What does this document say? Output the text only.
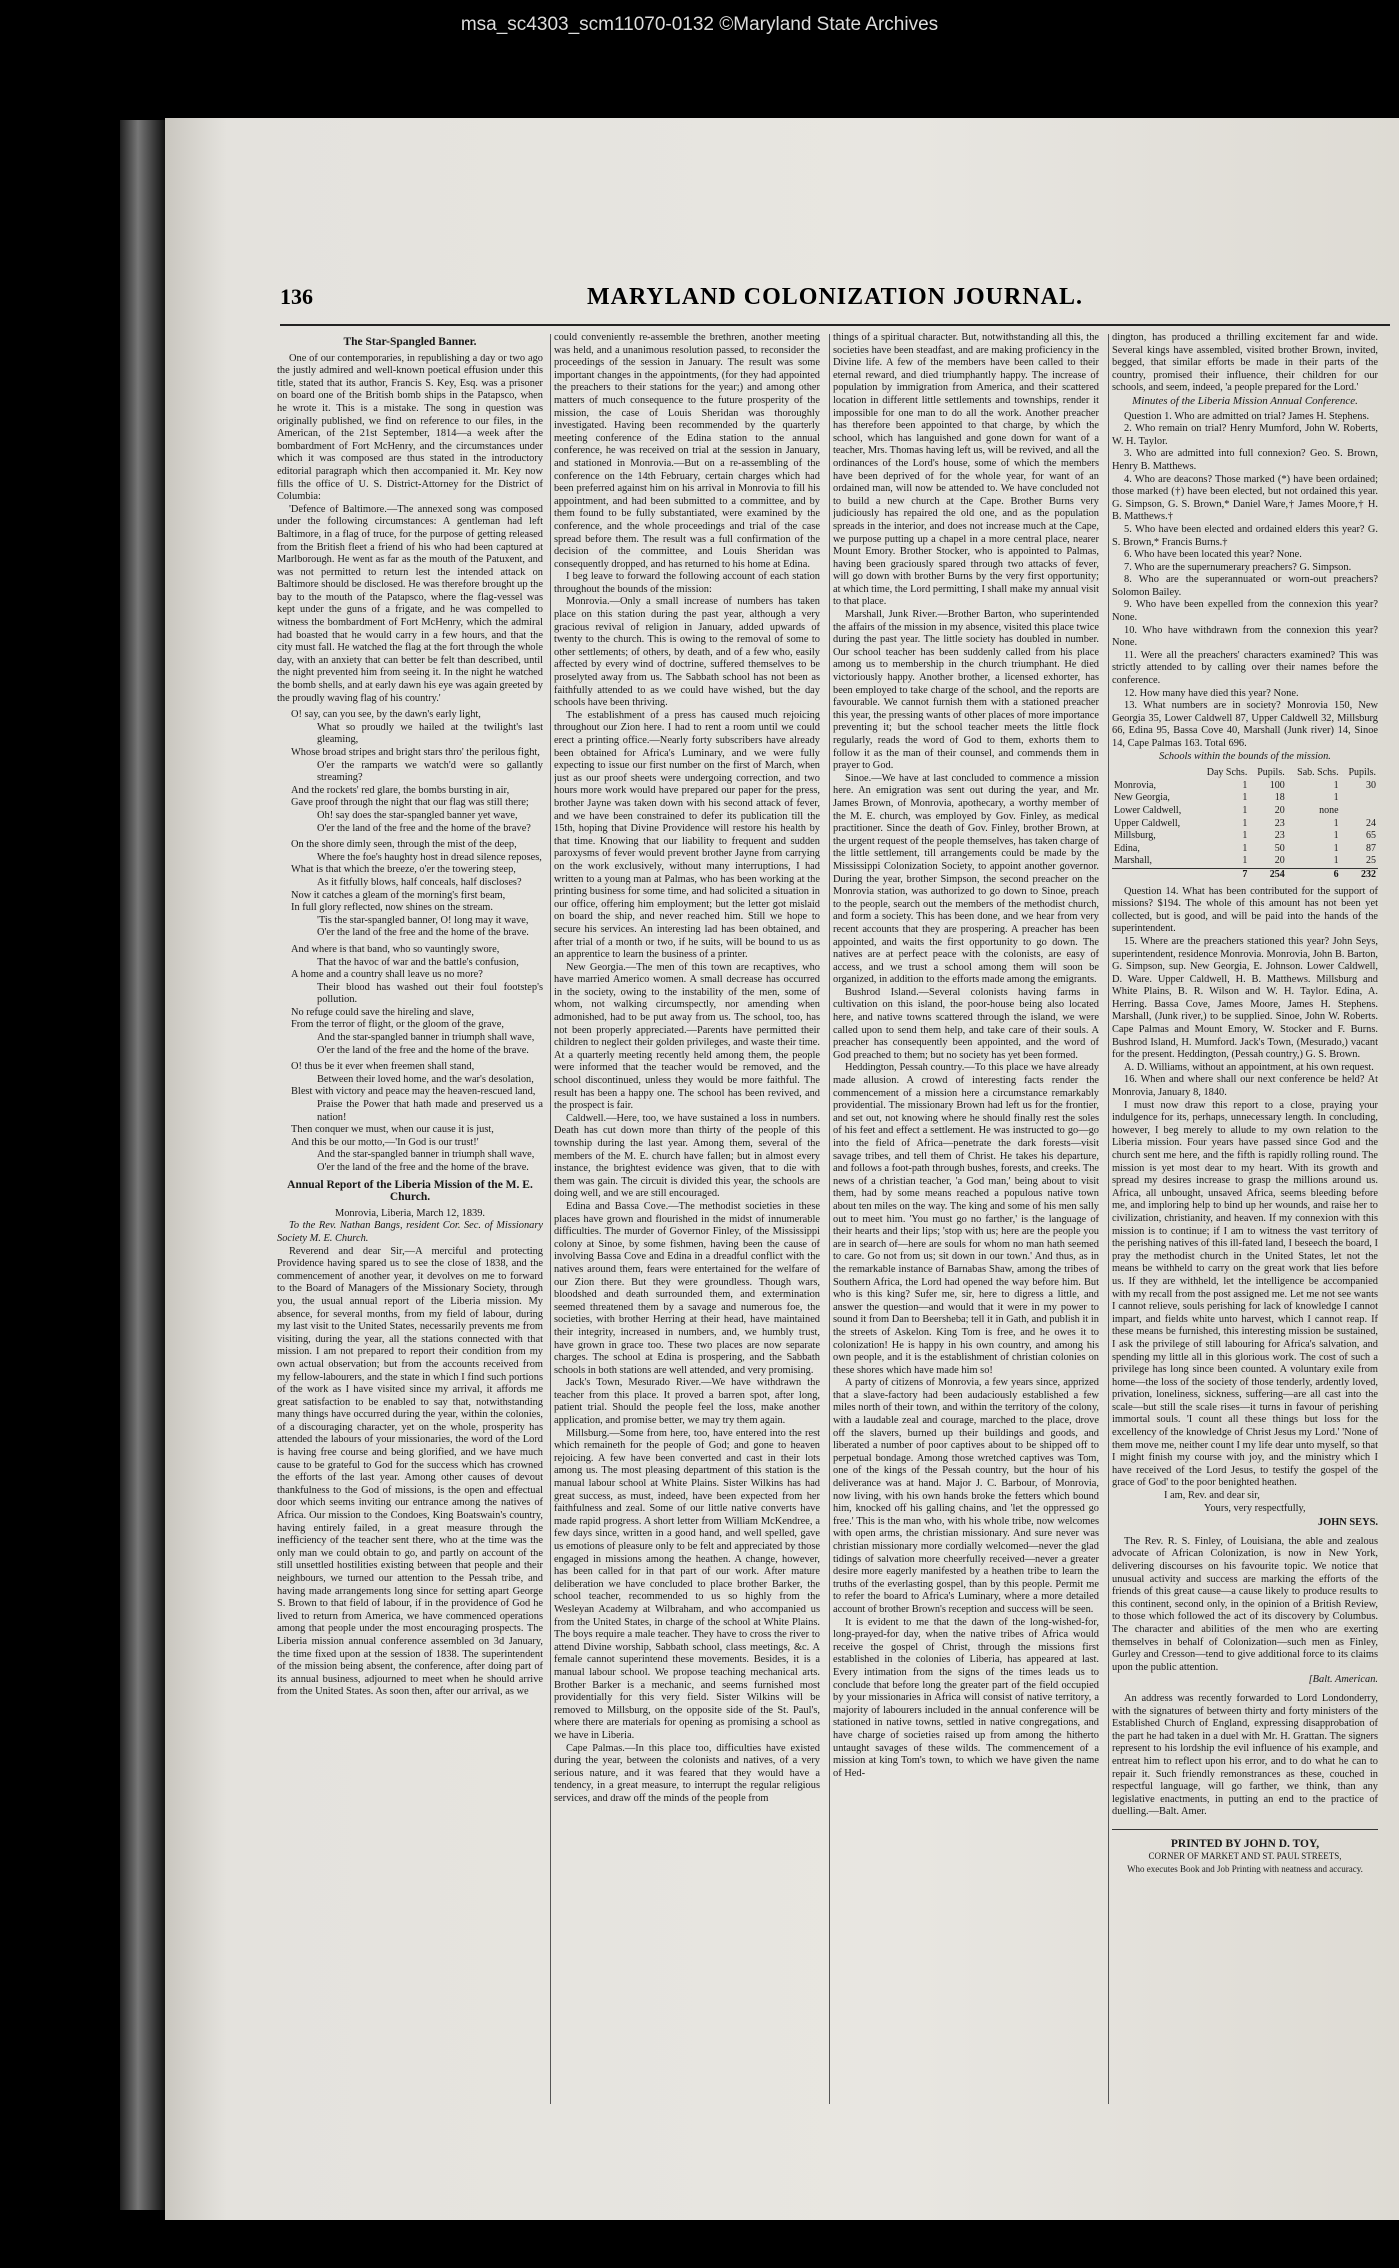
msa_sc4303_scm11070-0132 ©Maryland State Archives
136	MARYLAND COLONIZATION JOURNAL.
The Star-Spangled Banner.

One of our contemporaries, in republishing a day or two ago the justly admired and well-known poetical effusion under this title, stated that its author, Francis S. Key, Esq. was a prisoner on board one of the British bomb ships in the Patapsco, when he wrote it. This is a mistake. The song in question was originally published, we find on reference to our files, in the American, of the 21st September, 1814—a week after the bombardment of Fort McHenry, and the circumstances under which it was composed are thus stated in the introductory editorial paragraph which then accompanied it. Mr. Key now fills the office of U. S. District-Attorney for the District of Columbia:

'Defence of Baltimore.—The annexed song was composed under the following circumstances: A gentleman had left Baltimore, in a flag of truce, for the purpose of getting released from the British fleet a friend of his who had been captured at Marlborough. He went as far as the mouth of the Patuxent, and was not permitted to return lest the intended attack on Baltimore should be disclosed. He was therefore brought up the bay to the mouth of the Patapsco, where the flag-vessel was kept under the guns of a frigate, and he was compelled to witness the bombardment of Fort McHenry, which the admiral had boasted that he would carry in a few hours, and that the city must fall. He watched the flag at the fort through the whole day, with an anxiety that can better be felt than described, until the night prevented him from seeing it. In the night he watched the bomb shells, and at early dawn his eye was again greeted by the proudly waving flag of his country.'

O! say, can you see, by the dawn's early light,

What so proudly we hailed at the twilight's last gleaming,

Whose broad stripes and bright stars thro' the perilous fight,

O'er the ramparts we watch'd were so gallantly streaming?

And the rockets' red glare, the bombs bursting in air,

Gave proof through the night that our flag was still there;

Oh! say does the star-spangled banner yet wave,

O'er the land of the free and the home of the brave?

On the shore dimly seen, through the mist of the deep,

Where the foe's haughty host in dread silence reposes,

What is that which the breeze, o'er the towering steep,

As it fitfully blows, half conceals, half discloses?

Now it catches a gleam of the morning's first beam,

In full glory reflected, now shines on the stream.

'Tis the star-spangled banner, O! long may it wave,

O'er the land of the free and the home of the brave.

And where is that band, who so vauntingly swore,

That the havoc of war and the battle's confusion,

A home and a country shall leave us no more?

Their blood has washed out their foul footstep's pollution.

No refuge could save the hireling and slave,

From the terror of flight, or the gloom of the grave,

And the star-spangled banner in triumph shall wave,

O'er the land of the free and the home of the brave.

O! thus be it ever when freemen shall stand,

Between their loved home, and the war's desolation,

Blest with victory and peace may the heaven-rescued land,

Praise the Power that hath made and preserved us a nation!

Then conquer we must, when our cause it is just,

And this be our motto,—'In God is our trust!'

And the star-spangled banner in triumph shall wave,

O'er the land of the free and the home of the brave.

Annual Report of the Liberia Mission of the M. E. Church.

Monrovia, Liberia, March 12, 1839.

To the Rev. Nathan Bangs, resident Cor. Sec. of Missionary Society M. E. Church.

Reverend and dear Sir,—A merciful and protecting Providence having spared us to see the close of 1838, and the commencement of another year, it devolves on me to forward to the Board of Managers of the Missionary Society, through you, the usual annual report of the Liberia mission. My absence, for several months, from my field of labour, during my last visit to the United States, necessarily prevents me from visiting, during the year, all the stations connected with that mission. I am not prepared to report their condition from my own actual observation; but from the accounts received from my fellow-labourers, and the state in which I find such portions of the work as I have visited since my arrival, it affords me great satisfaction to be enabled to say that, notwithstanding many things have occurred during the year, within the colonies, of a discouraging character, yet on the whole, prosperity has attended the labours of your missionaries, the word of the Lord is having free course and being glorified, and we have much cause to be grateful to God for the success which has crowned the efforts of the last year. Among other causes of devout thankfulness to the God of missions, is the open and effectual door which seems inviting our entrance among the natives of Africa. Our mission to the Condoes, King Boatswain's country, having entirely failed, in a great measure through the inefficiency of the teacher sent there, who at the time was the only man we could obtain to go, and partly on account of the still unsettled hostilities existing between that people and their neighbours, we turned our attention to the Pessah tribe, and having made arrangements long since for setting apart George S. Brown to that field of labour, if in the providence of God he lived to return from America, we have commenced operations among that people under the most encouraging prospects. The Liberia mission annual conference assembled on 3d January, the time fixed upon at the session of 1838. The superintendent of the mission being absent, the conference, after doing part of its annual business, adjourned to meet when he should arrive from the United States. As soon then, after our arrival, as we

could conveniently re-assemble the brethren, another meeting was held, and a unanimous resolution passed, to reconsider the proceedings of the session in January. The result was some important changes in the appointments, (for they had appointed the preachers to their stations for the year;) and among other matters of much consequence to the future prosperity of the mission, the case of Louis Sheridan was thoroughly investigated. Having been recommended by the quarterly meeting conference of the Edina station to the annual conference, he was received on trial at the session in January, and stationed in Monrovia.—But on a re-assembling of the conference on the 14th February, certain charges which had been preferred against him on his arrival in Monrovia to fill his appointment, and had been submitted to a committee, and by them found to be fully substantiated, were examined by the conference, and the whole proceedings and trial of the case spread before them. The result was a full confirmation of the decision of the committee, and Louis Sheridan was consequently dropped, and has returned to his home at Edina.

I beg leave to forward the following account of each station throughout the bounds of the mission:

Monrovia.—Only a small increase of numbers has taken place on this station during the past year, although a very gracious revival of religion in January, added upwards of twenty to the church. This is owing to the removal of some to other settlements; of others, by death, and of a few who, easily affected by every wind of doctrine, suffered themselves to be proselyted away from us. The Sabbath school has not been as faithfully attended to as we could have wished, but the day schools have been thriving.

The establishment of a press has caused much rejoicing throughout our Zion here. I had to rent a room until we could erect a printing office.—Nearly forty subscribers have already been obtained for Africa's Luminary, and we were fully expecting to issue our first number on the first of March, when just as our proof sheets were undergoing correction, and two hours more work would have prepared our paper for the press, brother Jayne was taken down with his second attack of fever, and we have been constrained to defer its publication till the 15th, hoping that Divine Providence will restore his health by that time. Knowing that our liability to frequent and sudden paroxysms of fever would prevent brother Jayne from carrying on the work exclusively, without many interruptions, I had written to a young man at Palmas, who has been working at the printing business for some time, and had solicited a situation in our office, offering him employment; but the letter got mislaid on board the ship, and never reached him. Still we hope to secure his services. An interesting lad has been obtained, and after trial of a month or two, if he suits, will be bound to us as an apprentice to learn the business of a printer.

New Georgia.—The men of this town are recaptives, who have married Americo women. A small decrease has occurred in the society, owing to the instability of the men, some of whom, not walking circumspectly, nor amending when admonished, had to be put away from us. The school, too, has not been properly appreciated.—Parents have permitted their children to neglect their golden privileges, and waste their time. At a quarterly meeting recently held among them, the people were informed that the teacher would be removed, and the school discontinued, unless they would be more faithful. The result has been a happy one. The school has been revived, and the prospect is fair.

Caldwell.—Here, too, we have sustained a loss in numbers. Death has cut down more than thirty of the people of this township during the last year. Among them, several of the members of the M. E. church have fallen; but in almost every instance, the brightest evidence was given, that to die with them was gain. The circuit is divided this year, the schools are doing well, and we are still encouraged.

Edina and Bassa Cove.—The methodist societies in these places have grown and flourished in the midst of innumerable difficulties. The murder of Governor Finley, of the Mississippi colony at Sinoe, by some fishmen, having been the cause of involving Bassa Cove and Edina in a dreadful conflict with the natives around them, fears were entertained for the welfare of our Zion there. But they were groundless. Though wars, bloodshed and death surrounded them, and extermination seemed threatened them by a savage and numerous foe, the societies, with brother Herring at their head, have maintained their integrity, increased in numbers, and, we humbly trust, have grown in grace too. These two places are now separate charges. The school at Edina is prospering, and the Sabbath schools in both stations are well attended, and very promising.

Jack's Town, Mesurado River.—We have withdrawn the teacher from this place. It proved a barren spot, after long, patient trial. Should the people feel the loss, make another application, and promise better, we may try them again.

Millsburg.—Some from here, too, have entered into the rest which remaineth for the people of God; and gone to heaven rejoicing. A few have been converted and cast in their lots among us. The most pleasing department of this station is the manual labour school at White Plains. Sister Wilkins has had great success, as must, indeed, have been expected from her faithfulness and zeal. Some of our little native converts have made rapid progress. A short letter from William McKendree, a few days since, written in a good hand, and well spelled, gave us emotions of pleasure only to be felt and appreciated by those engaged in missions among the heathen. A change, however, has been called for in that part of our work. After mature deliberation we have concluded to place brother Barker, the school teacher, recommended to us so highly from the Wesleyan Academy at Wilbraham, and who accompanied us from the United States, in charge of the school at White Plains. The boys require a male teacher. They have to cross the river to attend Divine worship, Sabbath school, class meetings, &c. A female cannot superintend these movements. Besides, it is a manual labour school. We propose teaching mechanical arts. Brother Barker is a mechanic, and seems furnished most providentially for this very field. Sister Wilkins will be removed to Millsburg, on the opposite side of the St. Paul's, where there are materials for opening as promising a school as we have in Liberia.

Cape Palmas.—In this place too, difficulties have existed during the year, between the colonists and natives, of a very serious nature, and it was feared that they would have a tendency, in a great measure, to interrupt the regular religious services, and draw off the minds of the people from

things of a spiritual character. But, notwithstanding all this, the societies have been steadfast, and are making proficiency in the Divine life. A few of the members have been called to their eternal reward, and died triumphantly happy. The increase of population by immigration from America, and their scattered location in different little settlements and townships, render it impossible for one man to do all the work. Another preacher has therefore been appointed to that charge, by which the school, which has languished and gone down for want of a teacher, Mrs. Thomas having left us, will be revived, and all the ordinances of the Lord's house, some of which the members have been deprived of for the whole year, for want of an ordained man, will now be attended to. We have concluded not to build a new church at the Cape. Brother Burns very judiciously has repaired the old one, and as the population spreads in the interior, and does not increase much at the Cape, we purpose putting up a chapel in a more central place, nearer Mount Emory. Brother Stocker, who is appointed to Palmas, having been graciously spared through two attacks of fever, will go down with brother Burns by the very first opportunity; at which time, the Lord permitting, I shall make my annual visit to that place.

Marshall, Junk River.—Brother Barton, who superintended the affairs of the mission in my absence, visited this place twice during the past year. The little society has doubled in number. Our school teacher has been suddenly called from his place among us to membership in the church triumphant. He died victoriously happy. Another brother, a licensed exhorter, has been employed to take charge of the school, and the reports are favourable. We cannot furnish them with a stationed preacher this year, the pressing wants of other places of more importance preventing it; but the school teacher meets the little flock regularly, reads the word of God to them, exhorts them to follow it as the man of their counsel, and commends them in prayer to God.

Sinoe.—We have at last concluded to commence a mission here. An emigration was sent out during the year, and Mr. James Brown, of Monrovia, apothecary, a worthy member of the M. E. church, was employed by Gov. Finley, as medical practitioner. Since the death of Gov. Finley, brother Brown, at the urgent request of the people themselves, has taken charge of the little settlement, till arrangements could be made by the Mississippi Colonization Society, to appoint another governor. During the year, brother Simpson, the second preacher on the Monrovia station, was authorized to go down to Sinoe, preach to the people, search out the members of the methodist church, and form a society. This has been done, and we hear from very recent accounts that they are prospering. A preacher has been appointed, and waits the first opportunity to go down. The natives are at perfect peace with the colonists, are easy of access, and we trust a school among them will soon be organized, in addition to the efforts made among the emigrants.

Bushrod Island.—Several colonists having farms in cultivation on this island, the poor-house being also located here, and native towns scattered through the island, we were called upon to send them help, and take care of their souls. A preacher has consequently been appointed, and the word of God preached to them; but no society has yet been formed.

Heddington, Pessah country.—To this place we have already made allusion. A crowd of interesting facts render the commencement of a mission here a circumstance remarkably providential. The missionary Brown had left us for the frontier, and set out, not knowing where he should finally rest the soles of his feet and effect a settlement. He was instructed to go—go into the field of Africa—penetrate the dark forests—visit savage tribes, and tell them of Christ. He takes his departure, and follows a foot-path through bushes, forests, and creeks. The news of a christian teacher, 'a God man,' being about to visit them, had by some means reached a populous native town about ten miles on the way. The king and some of his men sally out to meet him. 'You must go no farther,' is the language of their hearts and their lips; 'stop with us; here are the people you are in search of—here are souls for whom no man hath seemed to care. Go not from us; sit down in our town.' And thus, as in the remarkable instance of Barnabas Shaw, among the tribes of Southern Africa, the Lord had opened the way before him. But who is this king? Sufer me, sir, here to digress a little, and answer the question—and would that it were in my power to sound it from Dan to Beersheba; tell it in Gath, and publish it in the streets of Askelon. King Tom is free, and he owes it to colonization! He is happy in his own country, and among his own people, and it is the establishment of christian colonies on these shores which have made him so!

A party of citizens of Monrovia, a few years since, apprized that a slave-factory had been audaciously established a few miles north of their town, and within the territory of the colony, with a laudable zeal and courage, marched to the place, drove off the slavers, burned up their buildings and goods, and liberated a number of poor captives about to be shipped off to perpetual bondage. Among those wretched captives was Tom, one of the kings of the Pessah country, but the hour of his deliverance was at hand. Major J. C. Barbour, of Monrovia, now living, with his own hands broke the fetters which bound him, knocked off his galling chains, and 'let the oppressed go free.' This is the man who, with his whole tribe, now welcomes with open arms, the christian missionary. And sure never was christian missionary more cordially welcomed—never the glad tidings of salvation more cheerfully received—never a greater desire more eagerly manifested by a heathen tribe to learn the truths of the everlasting gospel, than by this people. Permit me to refer the board to Africa's Luminary, where a more detailed account of brother Brown's reception and success will be seen.

It is evident to me that the dawn of the long-wished-for, long-prayed-for day, when the native tribes of Africa would receive the gospel of Christ, through the missions first established in the colonies of Liberia, has appeared at last. Every intimation from the signs of the times leads us to conclude that before long the greater part of the field occupied by your missionaries in Africa will consist of native territory, a majority of labourers included in the annual conference will be stationed in native towns, settled in native congregations, and have charge of societies raised up from among the hitherto untaught savages of these wilds. The commencement of a mission at king Tom's town, to which we have given the name of Hed-

dington, has produced a thrilling excitement far and wide. Several kings have assembled, visited brother Brown, invited, begged, that similar efforts be made in their parts of the country, promised their influence, their children for our schools, and seem, indeed, 'a people prepared for the Lord.'

Minutes of the Liberia Mission Annual Conference.

Question 1. Who are admitted on trial? James H. Stephens.

2. Who remain on trial? Henry Mumford, John W. Roberts, W. H. Taylor.

3. Who are admitted into full connexion? Geo. S. Brown, Henry B. Matthews.

4. Who are deacons? Those marked (*) have been ordained; those marked (†) have been elected, but not ordained this year. G. Simpson, G. S. Brown,* Daniel Ware,† James Moore,† H. B. Matthews.†

5. Who have been elected and ordained elders this year? G. S. Brown,* Francis Burns.†

6. Who have been located this year? None.

7. Who are the supernumerary preachers? G. Simpson.

8. Who are the superannuated or worn-out preachers? Solomon Bailey.

9. Who have been expelled from the connexion this year? None.

10. Who have withdrawn from the connexion this year? None.

11. Were all the preachers' characters examined? This was strictly attended to by calling over their names before the conference.

12. How many have died this year? None.

13. What numbers are in society? Monrovia 150, New Georgia 35, Lower Caldwell 87, Upper Caldwell 32, Millsburg 66, Edina 95, Bassa Cove 40, Marshall (Junk river) 14, Sinoe 14, Cape Palmas 163. Total 696.

Schools within the bounds of the mission.

	Day Schs.	Pupils.	Sab. Schs.	Pupils.
Monrovia,	1	100	1	30
New Georgia,	1	18	1	
Lower Caldwell,	1	20	none	
Upper Caldwell,	1	23	1	24
Millsburg,	1	23	1	65
Edina,	1	50	1	87
Marshall,	1	20	1	25
	7	254	6	232

Question 14. What has been contributed for the support of missions? $194. The whole of this amount has not been yet collected, but is good, and will be paid into the hands of the superintendent.

15. Where are the preachers stationed this year? John Seys, superintendent, residence Monrovia. Monrovia, John B. Barton, G. Simpson, sup. New Georgia, E. Johnson. Lower Caldwell, D. Ware. Upper Caldwell, H. B. Matthews. Millsburg and White Plains, B. R. Wilson and W. H. Taylor. Edina, A. Herring. Bassa Cove, James Moore, James H. Stephens. Marshall, (Junk river,) to be supplied. Sinoe, John W. Roberts. Cape Palmas and Mount Emory, W. Stocker and F. Burns. Bushrod Island, H. Mumford. Jack's Town, (Mesurado,) vacant for the present. Heddington, (Pessah country,) G. S. Brown.

A. D. Williams, without an appointment, at his own request.

16. When and where shall our next conference be held? At Monrovia, January 8, 1840.

I must now draw this report to a close, praying your indulgence for its, perhaps, unnecessary length. In concluding, however, I beg merely to allude to my own relation to the Liberia mission. Four years have passed since God and the church sent me here, and the fifth is rapidly rolling round. The mission is yet most dear to my heart. With its growth and spread my desires increase to grasp the millions around us. Africa, all unbought, unsaved Africa, seems bleeding before me, and imploring help to bind up her wounds, and raise her to civilization, christianity, and heaven. If my connexion with this mission is to continue; if I am to witness the vast territory of the perishing natives of this ill-fated land, I beseech the board, I pray the methodist church in the United States, let not the means be withheld to carry on the great work that lies before us. If they are withheld, let the intelligence be accompanied with my recall from the post assigned me. Let me not see wants I cannot relieve, souls perishing for lack of knowledge I cannot impart, and fields white unto harvest, which I cannot reap. If these means be furnished, this interesting mission be sustained, I ask the privilege of still labouring for Africa's salvation, and spending my little all in this glorious work. The cost of such a privilege has long since been counted. A voluntary exile from home—the loss of the society of those tenderly, ardently loved, privation, loneliness, sickness, suffering—are all cast into the scale—but still the scale rises—it turns in favour of perishing immortal souls. 'I count all these things but loss for the excellency of the knowledge of Christ Jesus my Lord.' 'None of them move me, neither count I my life dear unto myself, so that I might finish my course with joy, and the ministry which I have received of the Lord Jesus, to testify the gospel of the grace of God' to the poor benighted heathen.

I am, Rev. and dear sir,

Yours, very respectfully,

JOHN SEYS.

The Rev. R. S. Finley, of Louisiana, the able and zealous advocate of African Colonization, is now in New York, delivering discourses on his favourite topic. We notice that unusual activity and success are marking the efforts of the friends of this great cause—a cause likely to produce results to this continent, second only, in the opinion of a British Review, to those which followed the act of its discovery by Columbus. The character and abilities of the men who are exerting themselves in behalf of Colonization—such men as Finley, Gurley and Cresson—tend to give additional force to its claims upon the public attention.

[Balt. American.

An address was recently forwarded to Lord Londonderry, with the signatures of between thirty and forty ministers of the Established Church of England, expressing disapprobation of the part he had taken in a duel with Mr. H. Grattan. The signers represent to his lordship the evil influence of his example, and entreat him to reflect upon his error, and to do what he can to repair it. Such friendly remonstrances as these, couched in respectful language, will go farther, we think, than any legislative enactments, in putting an end to the practice of duelling.—Balt. Amer.

PRINTED BY JOHN D. TOY,
CORNER OF MARKET AND ST. PAUL STREETS,
Who executes Book and Job Printing with neatness and accuracy.
